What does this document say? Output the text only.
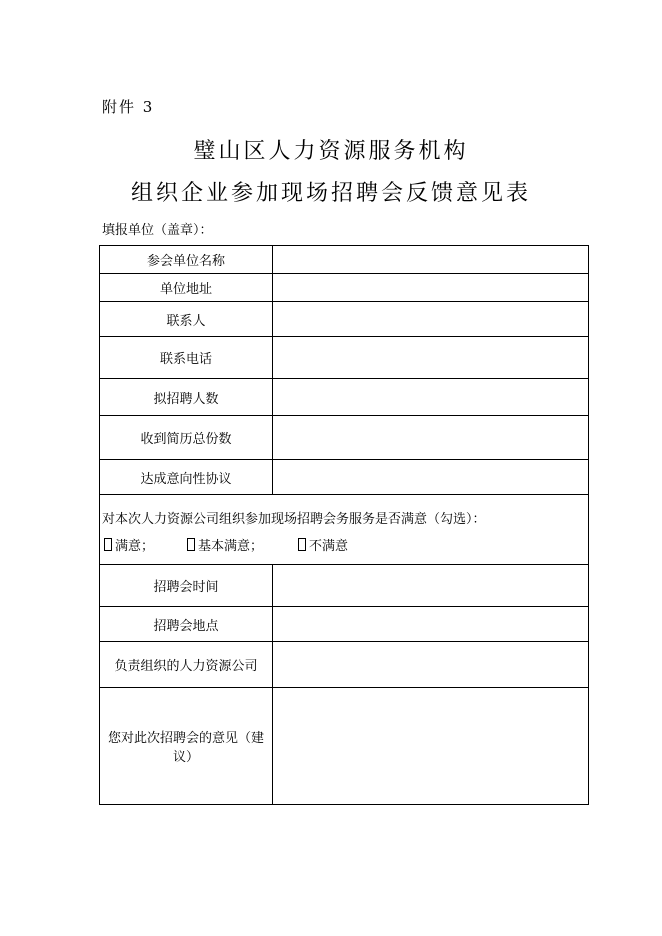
附件 3
璧山区人力资源服务机构
组织企业参加现场招聘会反馈意见表
填报单位（盖章）：
参会单位名称	
单位地址	
联系人	
联系电话	
拟招聘人数	
收到简历总份数	
达成意向性协议	

对本次人力资源公司组织参加现场招聘会务服务是否满意（勾选）：
满意； 基本满意； 不满意	

招聘会时间	
招聘会地点	
负责组织的人力资源公司	
您对此次招聘会的意见（建议）	
